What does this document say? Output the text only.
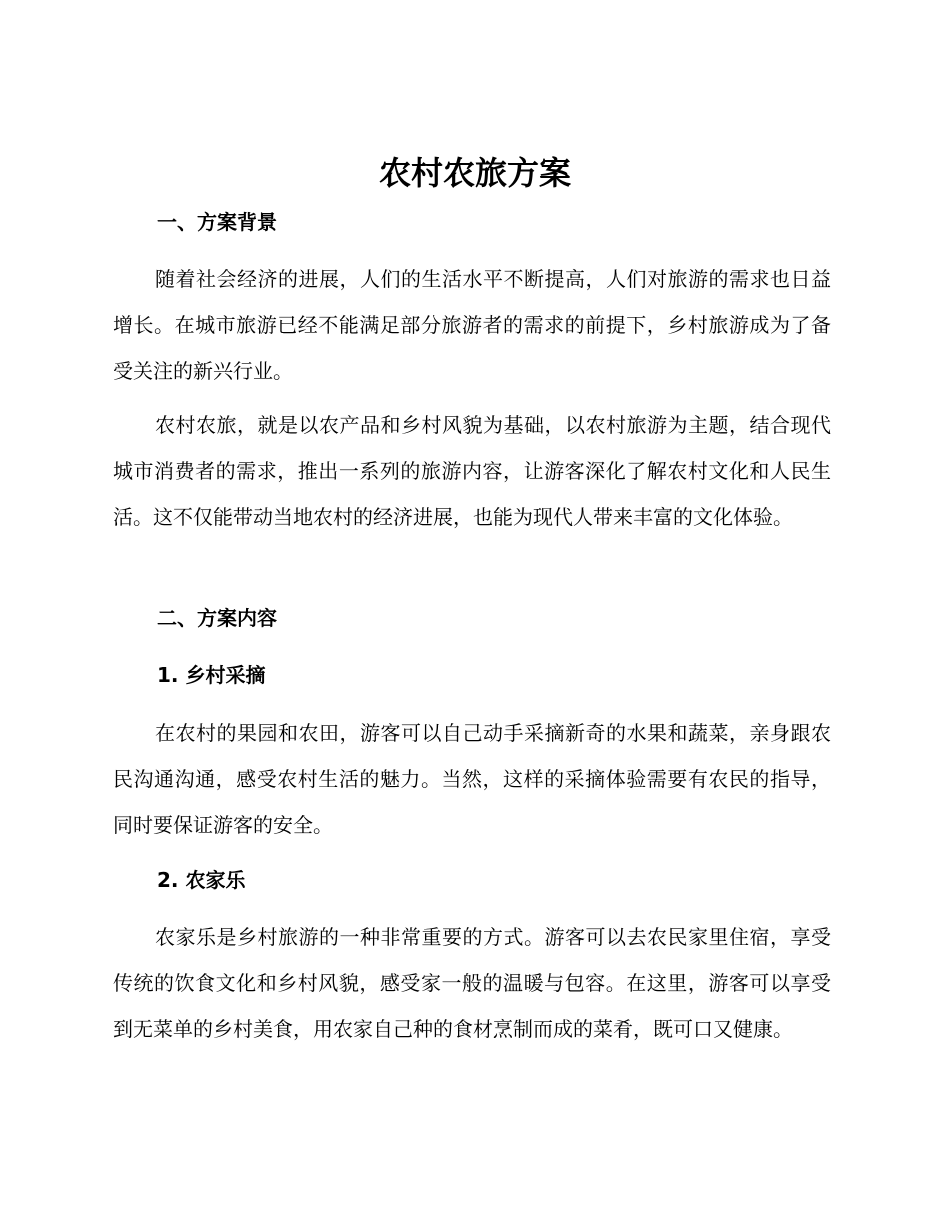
农村农旅方案
一、方案背景

随着社会经济的进展，人们的生活水平不断提高，人们对旅游的需求也日益增长。在城市旅游已经不能满足部分旅游者的需求的前提下，乡村旅游成为了备受关注的新兴行业。

农村农旅，就是以农产品和乡村风貌为基础，以农村旅游为主题，结合现代城市消费者的需求，推出一系列的旅游内容，让游客深化了解农村文化和人民生活。这不仅能带动当地农村的经济进展，也能为现代人带来丰富的文化体验。

二、方案内容
1. 乡村采摘

在农村的果园和农田，游客可以自己动手采摘新奇的水果和蔬菜，亲身跟农民沟通沟通，感受农村生活的魅力。当然，这样的采摘体验需要有农民的指导，同时要保证游客的安全。

2. 农家乐

农家乐是乡村旅游的一种非常重要的方式。游客可以去农民家里住宿，享受传统的饮食文化和乡村风貌，感受家一般的温暖与包容。在这里，游客可以享受到无菜单的乡村美食，用农家自己种的食材烹制而成的菜肴，既可口又健康。
